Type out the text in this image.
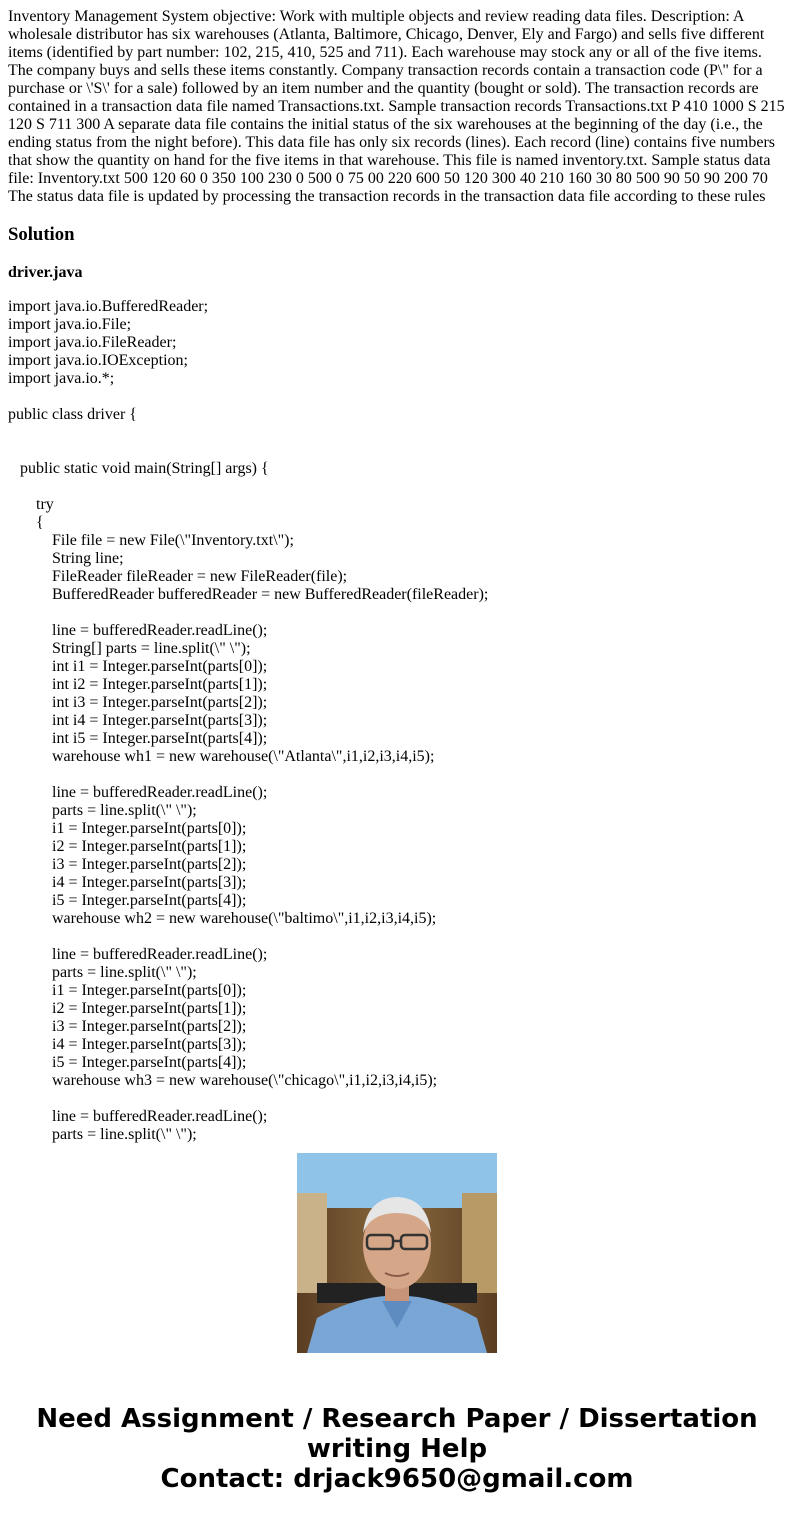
Inventory Management System objective: Work with multiple objects and review reading data files. Description: A wholesale distributor has six warehouses (Atlanta, Baltimore, Chicago, Denver, Ely and Fargo) and sells five different items (identified by part number: 102, 215, 410, 525 and 711). Each warehouse may stock any or all of the five items. The company buys and sells these items constantly. Company transaction records contain a transaction code (P\" for a purchase or \'S\' for a sale) followed by an item number and the quantity (bought or sold). The transaction records are contained in a transaction data file named Transactions.txt. Sample transaction records Transactions.txt P 410 1000 S 215 120 S 711 300 A separate data file contains the initial status of the six warehouses at the beginning of the day (i.e., the ending status from the night before). This data file has only six records (lines). Each record (line) contains five numbers that show the quantity on hand for the five items in that warehouse. This file is named inventory.txt. Sample status data file: Inventory.txt 500 120 60 0 350 100 230 0 500 0 75 00 220 600 50 120 300 40 210 160 30 80 500 90 50 90 200 70 The status data file is updated by processing the transaction records in the transaction data file according to these rules

Solution
driver.java
import java.io.BufferedReader;
import java.io.File;
import java.io.FileReader;
import java.io.IOException;
import java.io.*;
public class driver {
public static void main(String[] args) {
try
{
File file = new File(\"Inventory.txt\");
String line;
FileReader fileReader = new FileReader(file);
BufferedReader bufferedReader = new BufferedReader(fileReader);
line = bufferedReader.readLine();
String[] parts = line.split(\" \");
int i1 = Integer.parseInt(parts[0]);
int i2 = Integer.parseInt(parts[1]);
int i3 = Integer.parseInt(parts[2]);
int i4 = Integer.parseInt(parts[3]);
int i5 = Integer.parseInt(parts[4]);
warehouse wh1 = new warehouse(\"Atlanta\",i1,i2,i3,i4,i5);
line = bufferedReader.readLine();
parts = line.split(\" \");
i1 = Integer.parseInt(parts[0]);
i2 = Integer.parseInt(parts[1]);
i3 = Integer.parseInt(parts[2]);
i4 = Integer.parseInt(parts[3]);
i5 = Integer.parseInt(parts[4]);
warehouse wh2 = new warehouse(\"baltimo\",i1,i2,i3,i4,i5);
line = bufferedReader.readLine();
parts = line.split(\" \");
i1 = Integer.parseInt(parts[0]);
i2 = Integer.parseInt(parts[1]);
i3 = Integer.parseInt(parts[2]);
i4 = Integer.parseInt(parts[3]);
i5 = Integer.parseInt(parts[4]);
warehouse wh3 = new warehouse(\"chicago\",i1,i2,i3,i4,i5);
line = bufferedReader.readLine();
parts = line.split(\" \");
Need Assignment / Research Paper / Dissertation
writing Help
Contact: drjack9650@gmail.com
